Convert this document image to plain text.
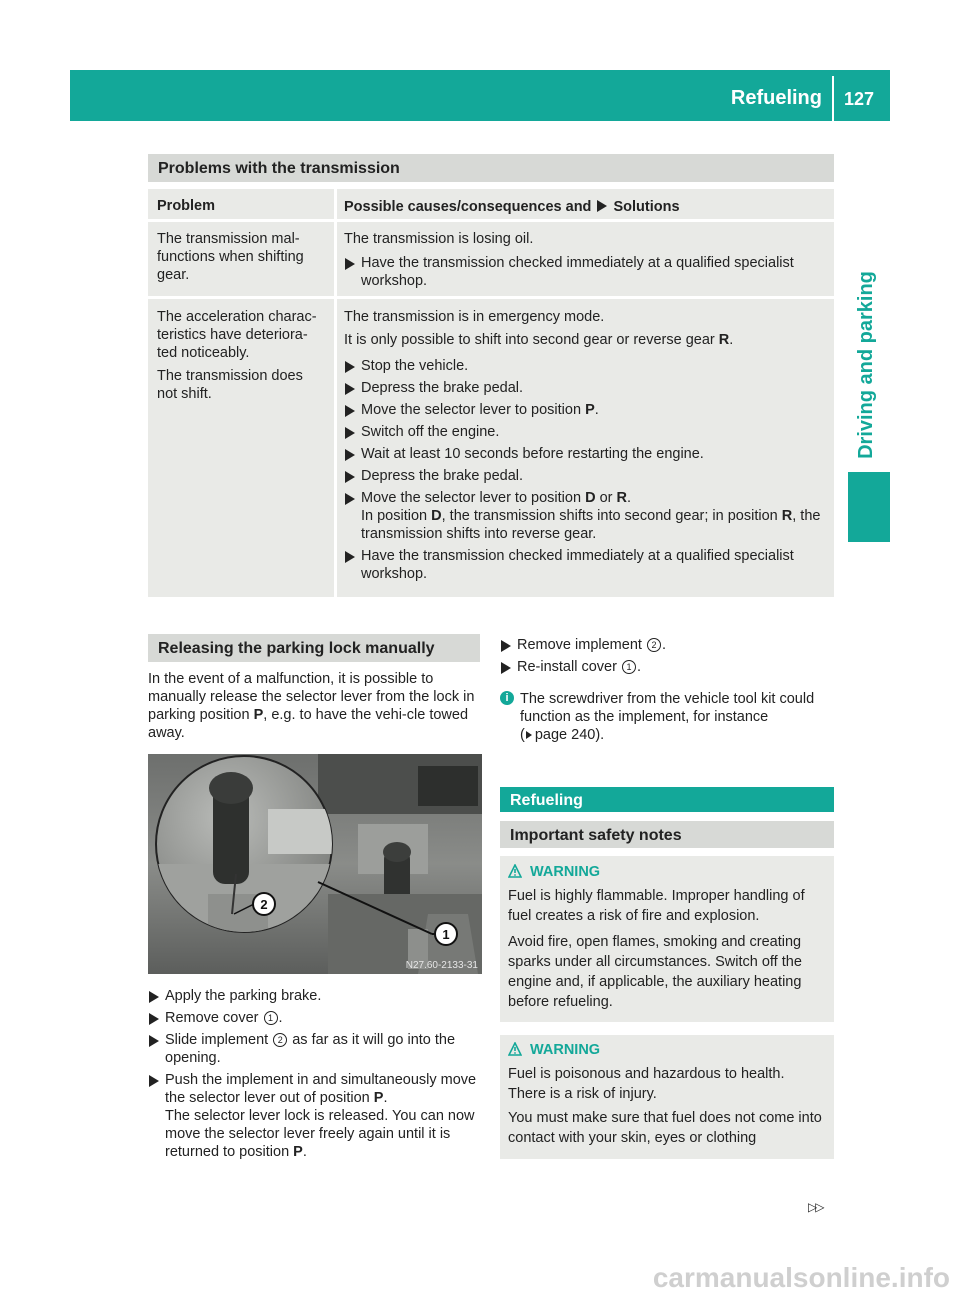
Refueling 127
Driving and parking
Problems with the transmission
Problem	Possible causes/consequences and Solutions

The transmission mal-functions when shifting gear.

The transmission is losing oil.

Have the transmission checked immediately at a qualified specialist workshop.

The acceleration charac-teristics have deteriora-ted noticeably.

The transmission does not shift.

The transmission is in emergency mode.

It is only possible to shift into second gear or reverse gear R.

Stop the vehicle.

Depress the brake pedal.

Move the selector lever to position P.

Switch off the engine.

Wait at least 10 seconds before restarting the engine.

Depress the brake pedal.

Move the selector lever to position D or R.
In position D, the transmission shifts into second gear; in position R, the transmission shifts into reverse gear.

Have the transmission checked immediately at a qualified specialist workshop.

Releasing the parking lock manually

In the event of a malfunction, it is possible to manually release the selector lever from the lock in parking position P, e.g. to have the vehi-cle towed away.

2
1
N27.60-2133-31

Apply the parking brake.

Remove cover 1 .

Slide implement 2 as far as it will go into the opening.

Push the implement in and simultaneously move the selector lever out of position P.
The selector lever lock is released. You can now move the selector lever freely again until it is returned to position P.

Remove implement 2 .

Re-install cover 1 .

i The screwdriver from the vehicle tool kit could function as the implement, for instance
( page 240).

Refueling
Important safety notes

WARNING

Fuel is highly flammable. Improper handling of fuel creates a risk of fire and explosion.

Avoid fire, open flames, smoking and creating sparks under all circumstances. Switch off the engine and, if applicable, the auxiliary heating before refueling.

WARNING

Fuel is poisonous and hazardous to health.

There is a risk of injury.

You must make sure that fuel does not come into contact with your skin, eyes or clothing

▷▷
carmanualsonline.info
